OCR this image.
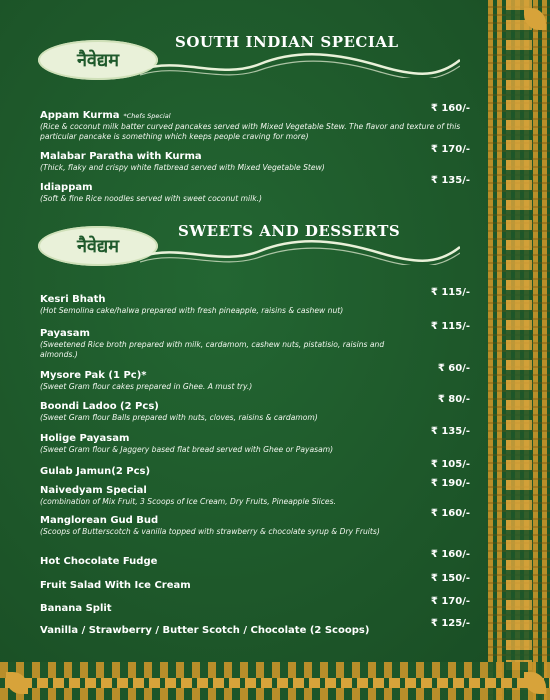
नैवेद्यम
SOUTH INDIAN SPECIAL
Appam Kurma *Chefs Special
₹ 160/-
(Rice & coconut milk batter curved pancakes served with Mixed Vegetable Stew. The flavor and texture of this particular pancake is something which keeps people craving for more)
Malabar Paratha with Kurma
₹ 170/-
(Thick, flaky and crispy white flatbread served with Mixed Vegetable Stew)
Idiappam
₹ 135/-
(Soft & fine Rice noodles served with sweet coconut milk.)
नैवेद्यम
SWEETS AND DESSERTS
Kesri Bhath
₹ 115/-
(Hot Semolina cake/halwa prepared with fresh pineapple, raisins & cashew nut)
Payasam
₹ 115/-
(Sweetened Rice broth prepared with milk, cardamom, cashew nuts, pistatisio, raisins and almonds.)
Mysore Pak (1 Pc)*
₹ 60/-
(Sweet Gram flour cakes prepared in Ghee. A must try.)
Boondi Ladoo (2 Pcs)
₹ 80/-
(Sweet Gram flour Balls prepared with nuts, cloves, raisins & cardamom)
Holige Payasam
₹ 135/-
(Sweet Gram flour & Jaggery based flat bread served with Ghee or Payasam)
Gulab Jamun(2 Pcs)
₹ 105/-
Naivedyam Special
₹ 190/-
(combination of Mix Fruit, 3 Scoops of Ice Cream, Dry Fruits, Pineapple Slices.
Manglorean Gud Bud
₹ 160/-
(Scoops of Butterscotch & vanilla topped with strawberry & chocolate syrup & Dry Fruits)
Hot Chocolate Fudge
₹ 160/-
Fruit Salad With Ice Cream
₹ 150/-
Banana Split
₹ 170/-
Vanilla / Strawberry / Butter Scotch / Chocolate (2 Scoops)
₹ 125/-
